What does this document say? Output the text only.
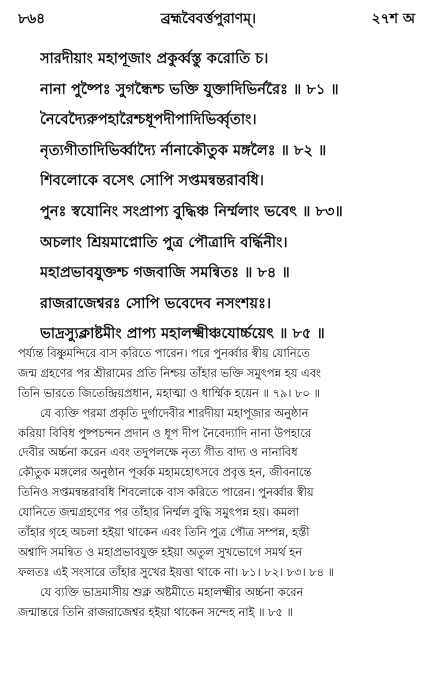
৮৬৪	ব্রহ্মবৈবর্ত্তপুরাণম্।	২৭শ অ
সারদীয়াং মহাপূজাং প্রকুর্ব্বস্তু করোতি চ।
নানা পুষ্পৈঃ সুগন্ধৈশ্চ ভক্তি যুক্তাদিভির্নরৈঃ ॥ ৮১ ॥
নৈবেদ্যৈরুপহারৈশ্চধূপদীপাদিভির্ব্বৃতাং।
নৃত্যগীতাদিভির্ব্বাদ্যৈ র্নানাকৌতুক মঙ্গলৈঃ ॥ ৮২ ॥
শিবলোকে বসেৎ সোপি সপ্তমন্বন্তরাবধি।
পুনঃ স্বযোনিং সংপ্রাপ্য বুদ্ধিঞ্চ নির্ম্মলাং ভবেৎ ॥ ৮৩॥
অচলাং শ্রিয়মাপ্নোতি পুত্র পৌত্রাদি বর্দ্ধিনীং।
মহাপ্রভাবযুক্তশ্চ গজবাজি সমন্বিতঃ ॥ ৮৪ ॥
রাজরাজেশ্বরঃ সোপি ভবেদেব নসংশয়ঃ।
ভাদ্রস্যুক্লাষ্টমীং প্রাপ্য মহালক্ষ্মীঞ্চযোর্চ্চয়েৎ ॥ ৮৫ ॥
পর্য্যন্ত বিষ্ণুমন্দিরে বাস করিতে পারেন। পরে পুনর্ব্বার স্বীয় যোনিতে
জন্ম গ্রহণের পর শ্রীরামের প্রতি নিশ্চয় তাঁহার ভক্তি সমুৎপন্ন হয় এবং
তিনি ভারতে জিতেন্দ্রিয়প্রধান, মহাত্মা ও ধার্ম্মিক হয়েন ॥ ৭৯। ৮০ ॥
যে ব্যক্তি পরমা প্রকৃতি দুর্গাদেবীর শারদীয়া মহাপূজার অনুষ্ঠান
করিয়া বিবিধ পুষ্পচন্দন প্রদান ও ধূপ দীপ নৈবেদ্যাদি নানা উপহারে
দেবীর অর্চ্চনা করেন এবং তদুপলক্ষে নৃত্য গীত বাদ্য ও নানাবিধ
কৌতুক মঙ্গলের অনুষ্ঠান পূর্ব্বক মহামহোৎসবে প্রবৃত্ত হন, জীবনান্তে
তিনিও সপ্তমন্বন্তরাবধি শিবলোকে বাস করিতে পারেন। পুনর্ব্বার স্বীয়
যোনিতে জন্মগ্রহণের পর তাঁহার নির্ম্মল বুদ্ধি সমুৎপন্ন হয়। কমলা
তাঁহার গৃহে অচলা হইয়া থাকেন এবং তিনি পুত্র পৌত্র সম্পন্ন, হস্তী
অশ্বাদি সমন্বিত ও মহাপ্রভাবযুক্ত হইয়া অতুল সুখভোগে সমর্থ হন
ফলতঃ এই সংসারে তাঁহার সুখের ইয়ত্তা থাকে না। ৮১। ৮২। ৮৩। ৮৪ ॥
যে ব্যক্তি ভাদ্রমাসীয় শুক্ল অষ্টমীতে মহালক্ষ্মীর অর্চ্চনা করেন
জন্মান্তরে তিনি রাজরাজেশ্বর হইয়া থাকেন সন্দেহ নাই ॥ ৮৫ ॥
